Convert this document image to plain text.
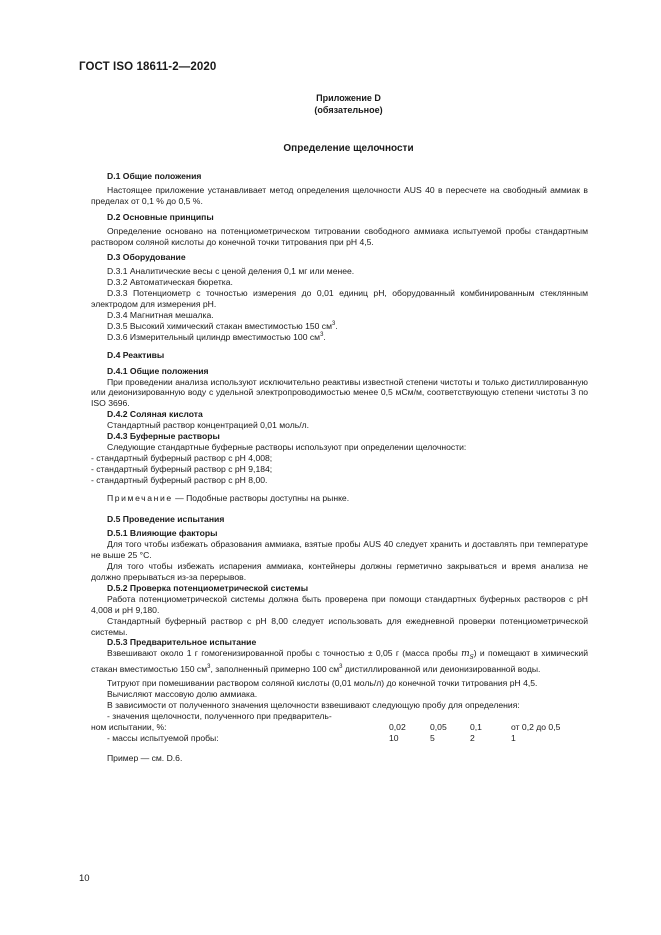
ГОСТ ISO 18611-2—2020
Приложение D
(обязательное)
Определение щелочности
D.1 Общие положения
Настоящее приложение устанавливает метод определения щелочности AUS 40 в пересчете на свободный аммиак в пределах от 0,1 % до 0,5 %.
D.2 Основные принципы
Определение основано на потенциометрическом титровании свободного аммиака испытуемой пробы стандартным раствором соляной кислоты до конечной точки титрования при pH 4,5.
D.3 Оборудование
D.3.1 Аналитические весы с ценой деления 0,1 мг или менее.
D.3.2 Автоматическая бюретка.
D.3.3 Потенциометр с точностью измерения до 0,01 единиц pH, оборудованный комбинированным стеклянным электродом для измерения pH.
D.3.4 Магнитная мешалка.
D.3.5 Высокий химический стакан вместимостью 150 $см^3$.
D.3.6 Измерительный цилиндр вместимостью 100 $см^3$.
D.4 Реактивы
D.4.1 Общие положения
При проведении анализа используют исключительно реактивы известной степени чистоты и только дистиллированную или деионизированную воду с удельной электропроводимостью менее 0,5 мСм/м, соответствующую степени чистоты 3 по ISO 3696.
D.4.2 Соляная кислота
Стандартный раствор концентрацией 0,01 моль/л.
D.4.3 Буферные растворы
Следующие стандартные буферные растворы используют при определении щелочности:
- стандартный буферный раствор с pH 4,008;
- стандартный буферный раствор с pH 9,184;
- стандартный буферный раствор с pH 8,00.
Примечание — Подобные растворы доступны на рынке.
D.5 Проведение испытания
D.5.1 Влияющие факторы
Для того чтобы избежать образования аммиака, взятые пробы AUS 40 следует хранить и доставлять при температуре не выше 25 °С.
Для того чтобы избежать испарения аммиака, контейнеры должны герметично закрываться и время анализа не должно прерываться из-за перерывов.
D.5.2 Проверка потенциометрической системы
Работа потенциометрической системы должна быть проверена при помощи стандартных буферных растворов с pH 4,008 и pH 9,180.
Стандартный буферный раствор с pH 8,00 следует использовать для ежедневной проверки потенциометрической системы.
D.5.3 Предварительное испытание
Взвешивают около 1 г гомогенизированной пробы с точностью ± 0,05 г (масса пробы $m_S$) и помещают в химический стакан вместимостью 150 $см^3$, заполненный примерно 100 $см^3$ дистиллированной или деионизированной воды.
Титруют при помешивании раствором соляной кислоты (0,01 моль/л) до конечной точки титрования pH 4,5.
Вычисляют массовую долю аммиака.
В зависимости от полученного значения щелочности взвешивают следующую пробу для определения:
- значения щелочности, полученного при предваритель-
ном испытании, %:	0,02	0,05	0,1	от 0,2 до 0,5
- массы испытуемой пробы:	10	5	2	1
Пример — см. D.6.
10
